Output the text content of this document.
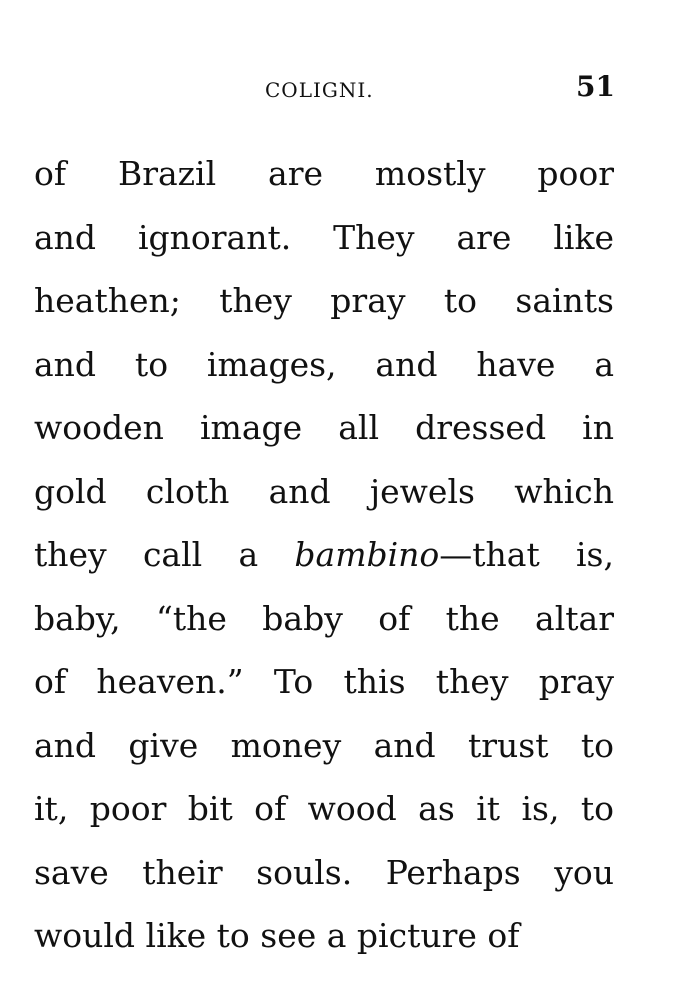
COLIGNI.	51
of Brazil are mostly poor
and ignorant. They are like
heathen; they pray to saints
and to images, and have a
wooden image all dressed in
gold cloth and jewels which
they call a bambino—that is,
baby, “the baby of the altar
of heaven.” To this they pray
and give money and trust to
it, poor bit of wood as it is, to
save their souls. Perhaps you
would like to see a picture of
